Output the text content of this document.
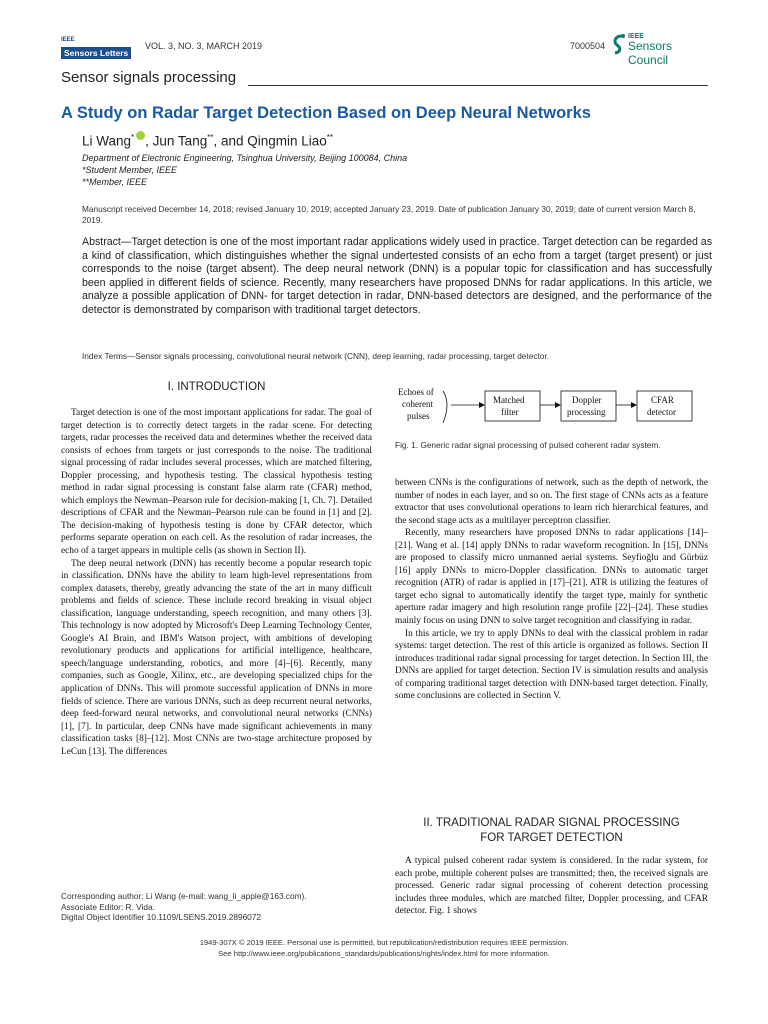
IEEE
Sensors Letters
VOL. 3, NO. 3, MARCH 2019	7000504
IEEE
Sensors Council
Sensor signals processing
A Study on Radar Target Detection Based on Deep Neural Networks
Li Wang* , Jun Tang**, and Qingmin Liao**
Department of Electronic Engineering, Tsinghua University, Beijing 100084, China
*Student Member, IEEE
**Member, IEEE
Manuscript received December 14, 2018; revised January 10, 2019; accepted January 23, 2019. Date of publication January 30, 2019; date of current version March 8, 2019.
Abstract—Target detection is one of the most important radar applications widely used in practice. Target detection can be regarded as a kind of classification, which distinguishes whether the signal undertested consists of an echo from a target (target present) or just corresponds to the noise (target absent). The deep neural network (DNN) is a popular topic for classification and has successfully been applied in different fields of science. Recently, many researchers have proposed DNNs for radar applications. In this article, we analyze a possible application of DNN- for target detection in radar, DNN-based detectors are designed, and the performance of the detector is demonstrated by comparison with traditional target detectors.
Index Terms—Sensor signals processing, convolutional neural network (CNN), deep learning, radar processing, target detector.
I. INTRODUCTION

Target detection is one of the most important applications for radar. The goal of target detection is to correctly detect targets in the radar scene. For detecting targets, radar processes the received data and determines whether the received data consists of echoes from targets or just corresponds to the noise. The traditional signal processing of radar includes several processes, which are matched filtering, Doppler processing, and hypothesis testing. The classical hypothesis testing method in radar signal processing is constant false alarm rate (CFAR) method, which employs the Newman–Pearson rule for decision-making [1, Ch. 7]. Detailed descriptions of CFAR and the Newman–Pearson rule can be found in [1] and [2]. The decision-making of hypothesis testing is done by CFAR detector, which performs separate operation on each cell. As the resolution of radar increases, the echo of a target appears in multiple cells (as shown in Section II).

The deep neural network (DNN) has recently become a popular research topic in classification. DNNs have the ability to learn high-level representations from complex datasets, thereby, greatly advancing the state of the art in many difficult problems and fields of science. These include record breaking in visual object classification, language understanding, speech recognition, and many others [3]. This technology is now adopted by Microsoft's Deep Learning Technology Center, Google's AI Brain, and IBM's Watson project, with ambitions of developing revolutionary products and applications for artificial intelligence, healthcare, speech/language understanding, robotics, and more [4]–[6]. Recently, many companies, such as Google, Xilinx, etc., are developing specialized chips for the application of DNNs. This will promote successful application of DNNs in more fields of science. There are various DNNs, such as deep recurrent neural networks, deep feed-forward neural networks, and convolutional neural networks (CNNs) [1], [7]. In particular, deep CNNs have made significant achievements in many classification tasks [8]–[12]. Most CNNs are two-stage architecture proposed by LeCun [13]. The differences

Echoes of
coherent
pulses
Matched
filter
Doppler
processing
CFAR
detector
Fig. 1. Generic radar signal processing of pulsed coherent radar system.

between CNNs is the configurations of network, such as the depth of network, the number of nodes in each layer, and so on. The first stage of CNNs acts as a feature extractor that uses convolutional operations to learn rich hierarchical features, and the second stage acts as a multilayer perceptron classifier.

Recently, many researchers have proposed DNNs to radar applications [14]–[21]. Wang et al. [14] apply DNNs to radar waveform recognition. In [15], DNNs are proposed to classify micro unmanned aerial systems. Seyfioğlu and Gürbüz [16] apply DNNs to micro-Doppler classification. DNNs to automatic target recognition (ATR) of radar is applied in [17]–[21]. ATR is utilizing the features of target echo signal to automatically identify the target type, mainly for synthetic aperture radar imagery and high resolution range profile [22]–[24]. These studies mainly focus on using DNN to solve target recognition and classifying in radar.

In this article, we try to apply DNNs to deal with the classical problem in radar systems: target detection. The rest of this article is organized as follows. Section II introduces traditional radar signal processing for target detection. In Section III, the DNNs are applied for target detection. Section IV is simulation results and analysis of comparing traditional target detection with DNN-based target detection. Finally, some conclusions are collected in Section V.

II. TRADITIONAL RADAR SIGNAL PROCESSING
FOR TARGET DETECTION

A typical pulsed coherent radar system is considered. In the radar system, for each probe, multiple coherent pulses are transmitted; then, the received signals are processed. Generic radar signal processing of coherent detection processing includes three modules, which are matched filter, Doppler processing, and CFAR detector. Fig. 1 shows

Corresponding author: Li Wang (e-mail: wang_li_apple@163.com).
Associate Editor: R. Vida.
Digital Object Identifier 10.1109/LSENS.2019.2896072
1949-307X © 2019 IEEE. Personal use is permitted, but republication/redistribution requires IEEE permission.
See http://www.ieee.org/publications_standards/publications/rights/index.html for more information.
